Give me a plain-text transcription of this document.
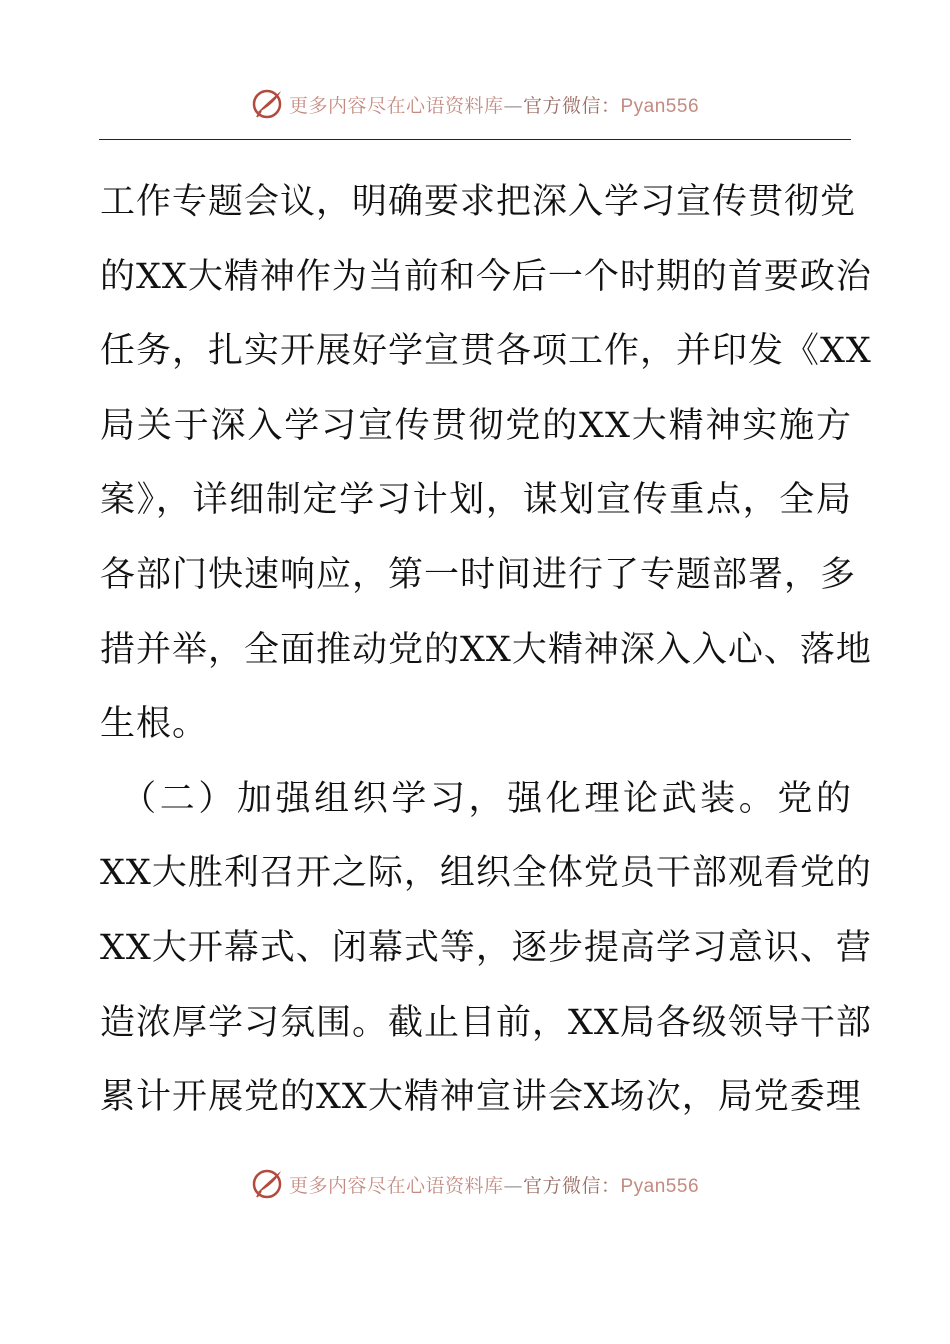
更多内容尽在心语资料库—官方微信：Pyan556
工作专题会议，明确要求把深入学习宣传贯彻党
的XX大精神作为当前和今后一个时期的首要政治
任务，扎实开展好学宣贯各项工作，并印发《XX
局关于深入学习宣传贯彻党的XX大精神实施方
案》，详细制定学习计划，谋划宣传重点，全局
各部门快速响应，第一时间进行了专题部署，多
措并举，全面推动党的XX大精神深入入心、落地
生根。
　（二）加强组织学习，强化理论武装。党的
XX大胜利召开之际，组织全体党员干部观看党的
XX大开幕式、闭幕式等，逐步提高学习意识、营
造浓厚学习氛围。截止目前，XX局各级领导干部
累计开展党的XX大精神宣讲会X场次，局党委理
更多内容尽在心语资料库—官方微信：Pyan556
